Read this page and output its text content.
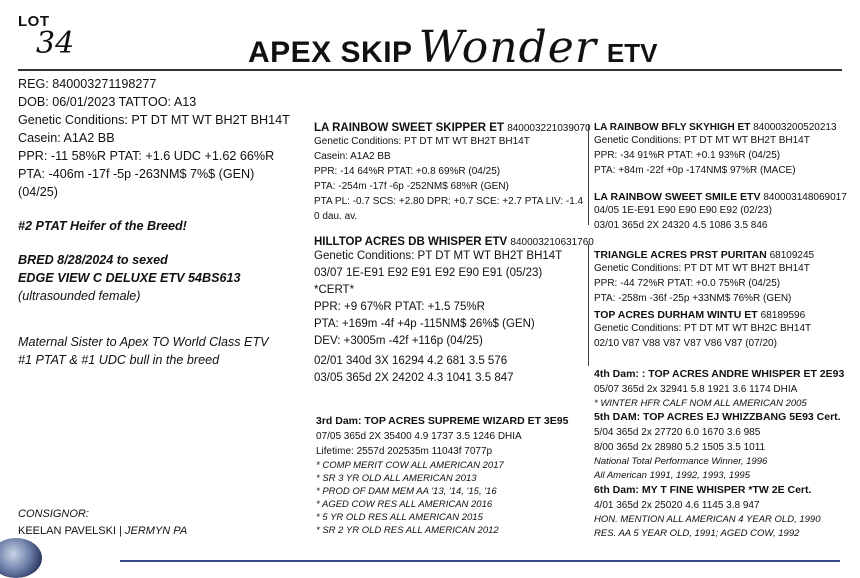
LOT
34	APEX SKIP Wonder ETV
REG: 840003271198277
DOB: 06/01/2023 TATTOO: A13
Genetic Conditions: PT DT MT WT BH2T BH14T
Casein: A1A2 BB
PPR: -11 58%R PTAT: +1.6 UDC +1.62 66%R
PTA: -406m -17f -5p -263NM$ 7%$ (GEN)
(04/25)
#2 PTAT Heifer of the Breed!
BRED 8/28/2024 to sexed
EDGE VIEW C DELUXE ETV 54BS613
(ultrasounded female)
Maternal Sister to Apex TO World Class ETV
#1 PTAT & #1 UDC bull in the breed
CONSIGNOR:
KEELAN PAVELSKI | JERMYN PA
LA RAINBOW SWEET SKIPPER ET 840003221039070
Genetic Conditions: PT DT MT WT BH2T BH14T
Casein: A1A2 BB
PPR: -14 64%R PTAT: +0.8 69%R (04/25)
PTA: -254m -17f -6p -252NM$ 68%R (GEN)
PTA PL: -0.7 SCS: +2.80 DPR: +0.7 SCE: +2.7 PTA LIV: -1.4
0 dau. av.
HILLTOP ACRES DB WHISPER ETV 840003210631760
Genetic Conditions: PT DT MT WT BH2T BH14T
03/07 1E-E91 E92 E91 E92 E90 E91 (05/23)
*CERT*
PPR: +9 67%R PTAT: +1.5 75%R
PTA: +169m -4f +4p -115NM$ 26%$ (GEN)
DEV: +3005m -42f +116p (04/25)
02/01 340d 3X 16294 4.2 681 3.5 576
03/05 365d 2X 24202 4.3 1041 3.5 847
3rd Dam: TOP ACRES SUPREME WIZARD ET 3E95
07/05 365d 2X 35400 4.9 1737 3.5 1246 DHIA
Lifetime: 2557d 202535m 11043f 7077p
* COMP MERIT COW ALL AMERICAN 2017
* SR 3 YR OLD ALL AMERICAN 2013
* PROD OF DAM MEM AA '13, '14, '15, '16
* AGED COW RES ALL AMERICAN 2016
* 5 YR OLD RES ALL AMERICAN 2015
* SR 2 YR OLD RES ALL AMERICAN 2012
LA RAINBOW BFLY SKYHIGH ET 840003200520213
Genetic Conditions: PT DT MT WT BH2T BH14T
PPR: -34 91%R PTAT: +0.1 93%R (04/25)
PTA: +84m -22f +0p -174NM$ 97%R (MACE)
LA RAINBOW SWEET SMILE ETV 840003148069017
04/05 1E-E91 E90 E90 E90 E92 (02/23)
03/01 365d 2X 24320 4.5 1086 3.5 846
TRIANGLE ACRES PRST PURITAN 68109245
Genetic Conditions: PT DT MT WT BH2T BH14T
PPR: -44 72%R PTAT: +0.0 75%R (04/25)
PTA: -258m -36f -25p +33NM$ 76%R (GEN)
TOP ACRES DURHAM WINTU ET 68189596
Genetic Conditions: PT DT MT WT BH2C BH14T
02/10 V87 V88 V87 V87 V86 V87 (07/20)
4th Dam: : TOP ACRES ANDRE WHISPER ET 2E93
05/07 365d 2x 32941 5.8 1921 3.6 1174 DHIA
* WINTER HFR CALF NOM ALL AMERICAN 2005
5th DAM: TOP ACRES EJ WHIZZBANG 5E93 Cert.
5/04 365d 2x 27720 6.0 1670 3.6 985
8/00 365d 2x 28980 5.2 1505 3.5 1011
National Total Performance Winner, 1996
All American 1991, 1992, 1993, 1995
6th Dam: MY T FINE WHISPER *TW 2E Cert.
4/01 365d 2x 25020 4.6 1145 3.8 947
HON. MENTION ALL AMERICAN 4 YEAR OLD, 1990
RES. AA 5 YEAR OLD, 1991; AGED COW, 1992
